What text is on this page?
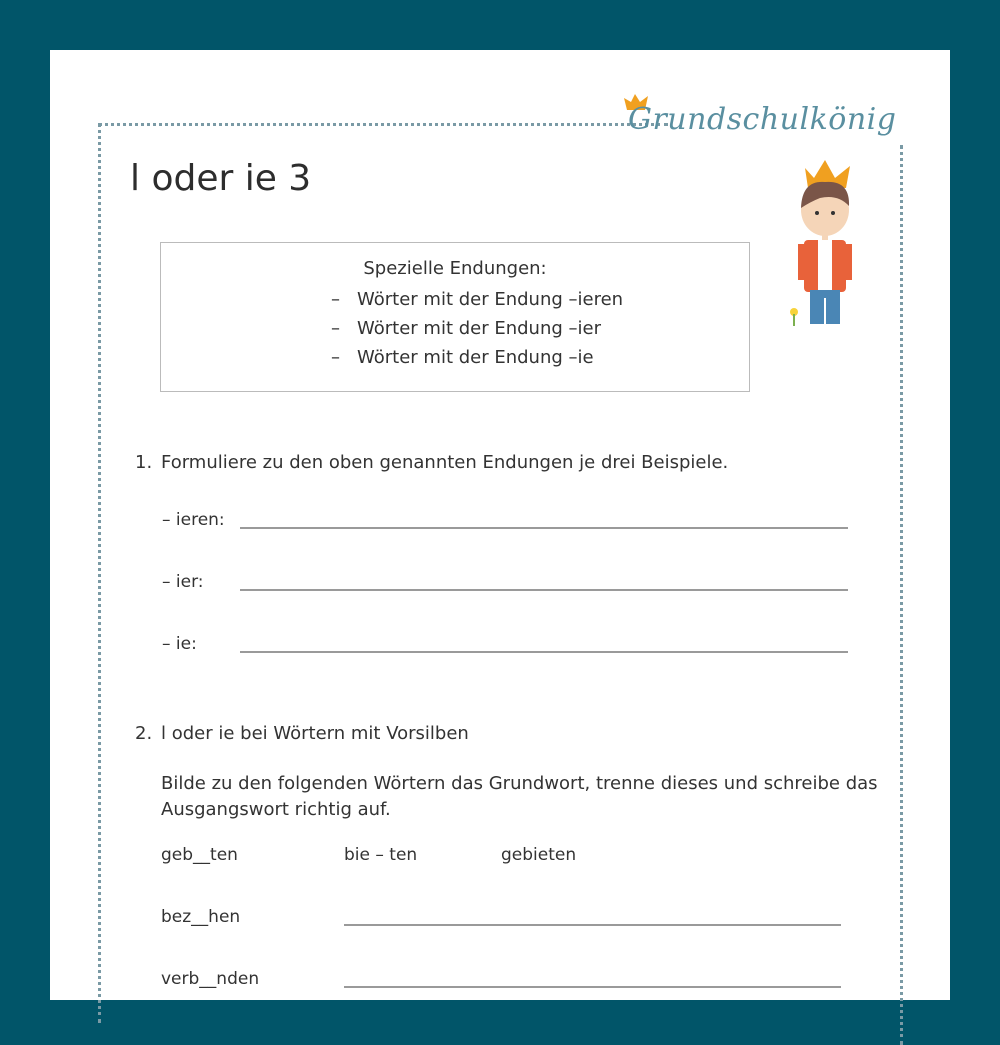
Grundschulkönig
l oder ie 3
Spezielle Endungen:
– Wörter mit der Endung –ieren
– Wörter mit der Endung –ier
– Wörter mit der Endung –ie
1. Formuliere zu den oben genannten Endungen je drei Beispiele.
– ieren:
– ier:
– ie:
2. l oder ie bei Wörtern mit Vorsilben
Bilde zu den folgenden Wörtern das Grundwort, trenne dieses und schreibe das
Ausgangswort richtig auf.
geb__ten	bie – ten	gebieten
bez__hen
verb__nden
